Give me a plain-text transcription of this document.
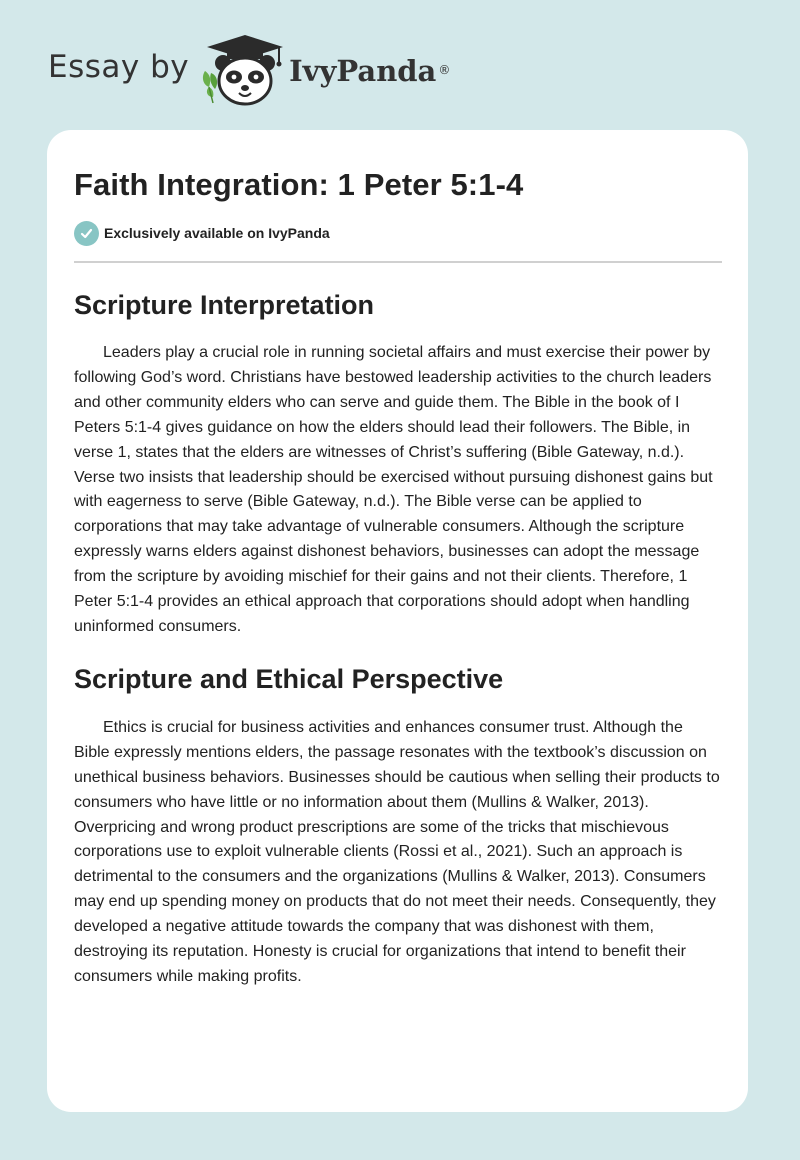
Essay by	IvyPanda ®
Faith Integration: 1 Peter 5:1-4
Exclusively available on IvyPanda
Scripture Interpretation

Leaders play a crucial role in running societal affairs and must exercise their power by following God’s word. Christians have bestowed leadership activities to the church leaders and other community elders who can serve and guide them. The Bible in the book of I Peters 5:1-4 gives guidance on how the elders should lead their followers. The Bible, in verse 1, states that the elders are witnesses of Christ’s suffering (Bible Gateway, n.d.). Verse two insists that leadership should be exercised without pursuing dishonest gains but with eagerness to serve (Bible Gateway, n.d.). The Bible verse can be applied to corporations that may take advantage of vulnerable consumers. Although the scripture expressly warns elders against dishonest behaviors, businesses can adopt the message from the scripture by avoiding mischief for their gains and not their clients. Therefore, 1 Peter 5:1-4 provides an ethical approach that corporations should adopt when handling uninformed consumers.

Scripture and Ethical Perspective

Ethics is crucial for business activities and enhances consumer trust. Although the Bible expressly mentions elders, the passage resonates with the textbook’s discussion on unethical business behaviors. Businesses should be cautious when selling their products to consumers who have little or no information about them (Mullins & Walker, 2013). Overpricing and wrong product prescriptions are some of the tricks that mischievous corporations use to exploit vulnerable clients (Rossi et al., 2021). Such an approach is detrimental to the consumers and the organizations (Mullins & Walker, 2013). Consumers may end up spending money on products that do not meet their needs. Consequently, they developed a negative attitude towards the company that was dishonest with them, destroying its reputation. Honesty is crucial for organizations that intend to benefit their consumers while making profits.
